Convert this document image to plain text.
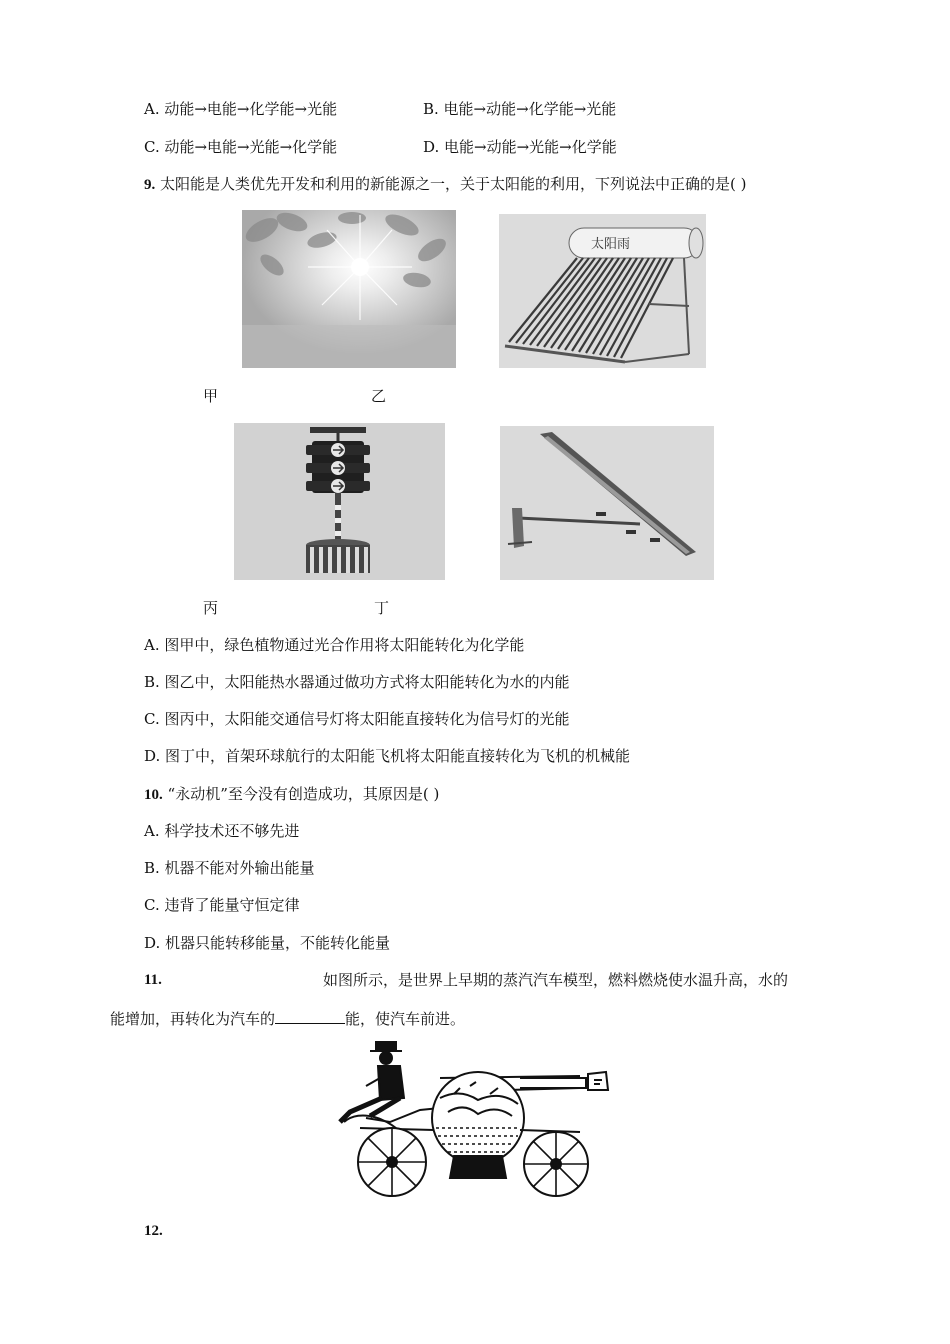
A. 动能→电能→化学能→光能	B. 电能→动能→化学能→光能
C. 动能→电能→光能→化学能	D. 电能→动能→光能→化学能
9. 太阳能是人类优先开发和利用的新能源之一，关于太阳能的利用，下列说法中正确的是( )
太阳雨
甲	乙
丙	丁
A. 图甲中，绿色植物通过光合作用将太阳能转化为化学能
B. 图乙中，太阳能热水器通过做功方式将太阳能转化为水的内能
C. 图丙中，太阳能交通信号灯将太阳能直接转化为信号灯的光能
D. 图丁中，首架环球航行的太阳能飞机将太阳能直接转化为飞机的机械能
10. “永动机”至今没有创造成功，其原因是( )
A. 科学技术还不够先进
B. 机器不能对外输出能量
C. 违背了能量守恒定律
D. 机器只能转移能量，不能转化能量
11.	如图所示，是世界上早期的蒸汽汽车模型，燃料燃烧使水温升高，水的
能增加，再转化为汽车的	能，使汽车前进。
12.
